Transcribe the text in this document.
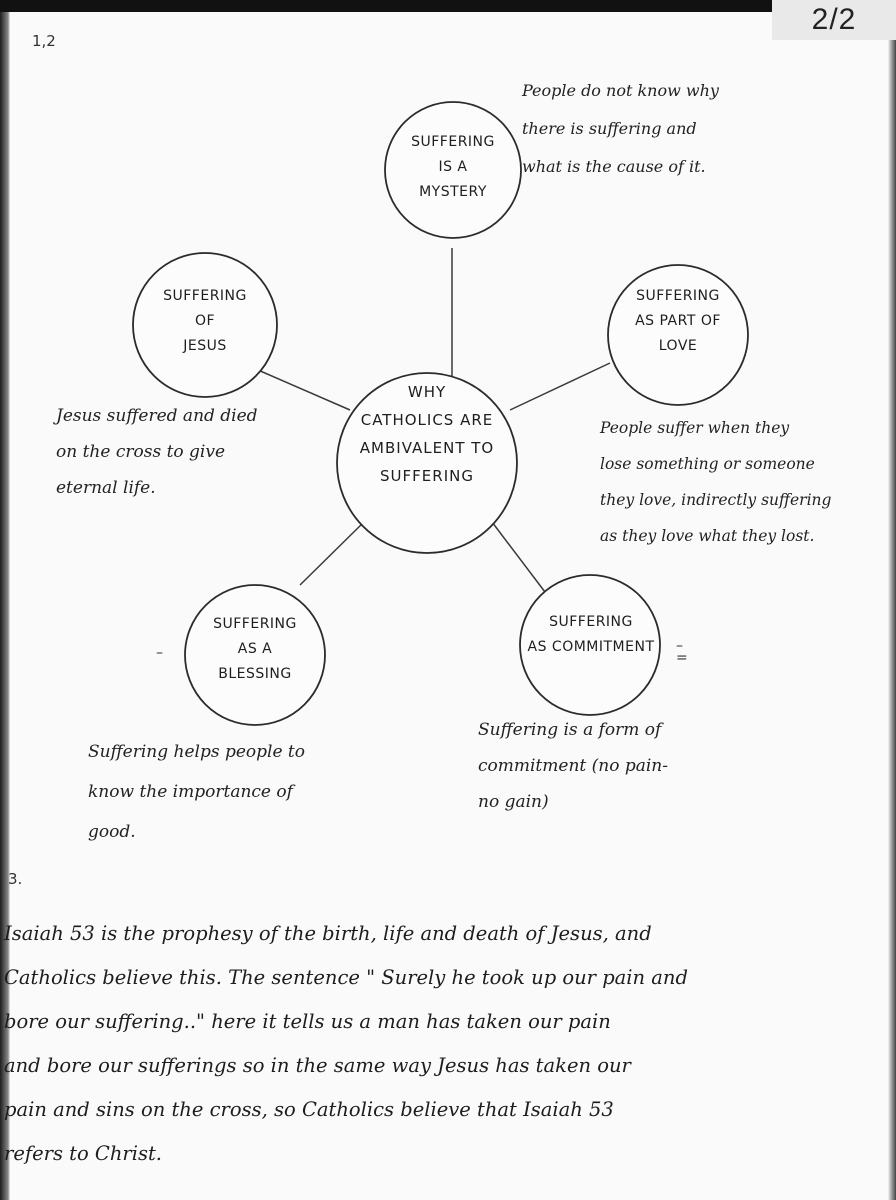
2/2
1,2
WHY
CATHOLICS ARE
AMBIVALENT TO
SUFFERING
SUFFERING
IS A
MYSTERY
SUFFERING
AS PART OF
LOVE
SUFFERING
AS COMMITMENT
SUFFERING
AS A
BLESSING
SUFFERING
OF
JESUS
–	–
=
People do not know why
there is suffering and
what is the cause of it.
People suffer when they
lose something or someone
they love, indirectly suffering
as they love what they lost.
Suffering is a form of
commitment (no pain-
no gain)
Suffering helps people to
know the importance of
good.
Jesus suffered and died
on the cross to give
eternal life.
3.

Isaiah 53 is the prophesy of the birth, life and death of Jesus, and

Catholics believe this. The sentence " Surely he took up our pain and

bore our suffering.." here it tells us a man has taken our pain

and bore our sufferings so in the same way Jesus has taken our

pain and sins on the cross, so Catholics believe that Isaiah 53

refers to Christ.
